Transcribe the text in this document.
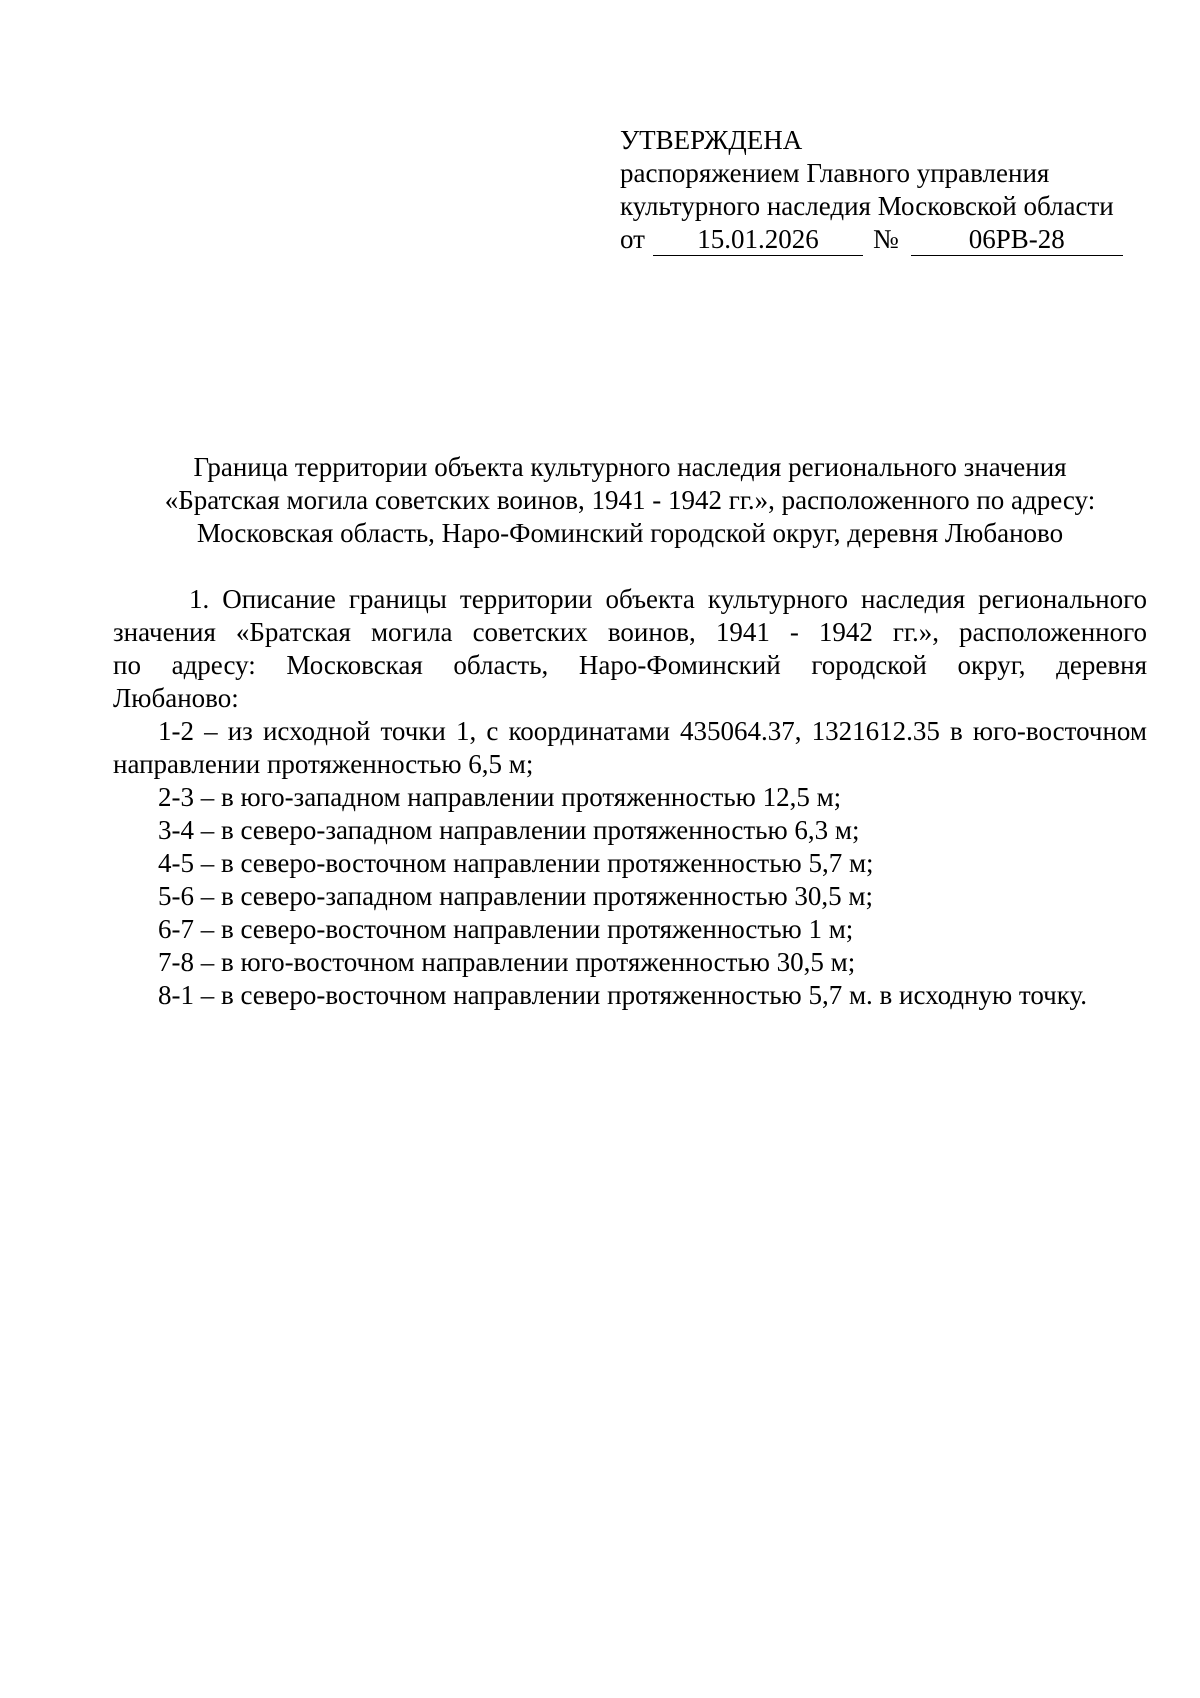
УТВЕРЖДЕНА
распоряжением Главного управления
культурного наследия Московской области
от	15.01.2026	№	06РВ-28
Граница территории объекта культурного наследия регионального значения
«Братская могила советских воинов, 1941 - 1942 гг.», расположенного по адресу:
Московская область, Наро-Фоминский городской округ, деревня Любаново

1. Описание границы территории объекта культурного наследия регионального

значения «Братская могила советских воинов, 1941 - 1942 гг.», расположенного

по адресу: Московская область, Наро-Фоминский городской округ, деревня

Любаново:

1-2 – из исходной точки 1, с координатами 435064.37, 1321612.35 в юго-восточном

направлении протяженностью 6,5 м;

2-3 – в юго-западном направлении протяженностью 12,5 м;

3-4 – в северо-западном направлении протяженностью 6,3 м;

4-5 – в северо-восточном направлении протяженностью 5,7 м;

5-6 – в северо-западном направлении протяженностью 30,5 м;

6-7 – в северо-восточном направлении протяженностью 1 м;

7-8 – в юго-восточном направлении протяженностью 30,5 м;

8-1 – в северо-восточном направлении протяженностью 5,7 м. в исходную точку.
